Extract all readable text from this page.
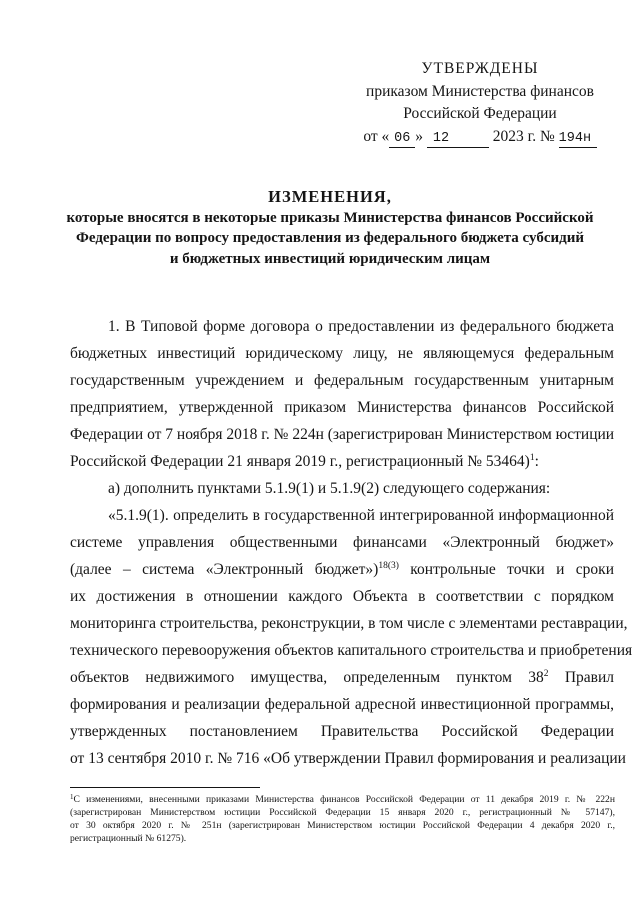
УТВЕРЖДЕНЫ
приказом Министерства финансов
Российской Федерации
от « 06 »
12
	2023 г. №
194н
ИЗМЕНЕНИЯ,
которые вносятся в некоторые приказы Министерства финансов Российской
Федерации по вопросу предоставления из федерального бюджета субсидий
и бюджетных инвестиций юридическим лицам
1. В Типовой форме договора о предоставлении из федерального бюджета
бюджетных инвестиций юридическому лицу, не являющемуся федеральным
государственным учреждением и федеральным государственным унитарным
предприятием, утвержденной приказом Министерства финансов Российской
Федерации от 7 ноября 2018 г. № 224н (зарегистрирован Министерством юстиции
Российской Федерации 21 января 2019 г., регистрационный № 53464)$^1$:
а) дополнить пунктами 5.1.9(1) и 5.1.9(2) следующего содержания:
«5.1.9(1). определить в государственной интегрированной информационной
системе управления общественными финансами «Электронный бюджет»
(далее – система «Электронный бюджет»)$^{18(3)}$ контрольные точки и сроки
их достижения в отношении каждого Объекта в соответствии с порядком
мониторинга строительства, реконструкции, в том числе с элементами реставрации,
технического перевооружения объектов капитального строительства и приобретения
объектов недвижимого имущества, определенным пунктом $38^2$ Правил
формирования и реализации федеральной адресной инвестиционной программы,
утвержденных постановлением Правительства Российской Федерации
от 13 сентября 2010 г. № 716 «Об утверждении Правил формирования и реализации
$^1$С изменениями, внесенными приказами Министерства финансов Российской Федерации от 11 декабря 2019 г. № 222н
(зарегистрирован Министерством юстиции Российской Федерации 15 января 2020 г., регистрационный № 57147),
от 30 октября 2020 г. № 251н (зарегистрирован Министерством юстиции Российской Федерации 4 декабря 2020 г.,
регистрационный № 61275).
